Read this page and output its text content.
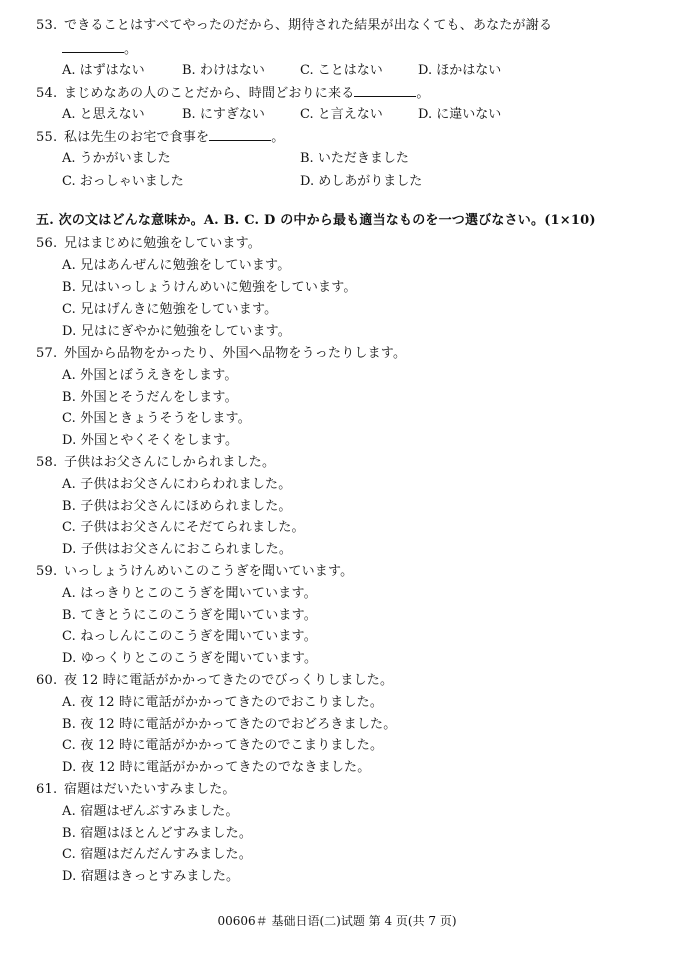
53. できることはすべてやったのだから、期待された結果が出なくても、あなたが謝る
。
A. はずはない	B. わけはない	C. ことはない	D. ほかはない
54. まじめなあの人のことだから、時間どおりに来る	。
A. と思えない	B. にすぎない	C. と言えない	D. に違いない
55. 私は先生のお宅で食事を	。
A. うかがいました	B. いただきました
C. おっしゃいました	D. めしあがりました
五. 次の文はどんな意味か。A. B. C. D の中から最も適当なものを一つ選びなさい。(1×10)
56. 兄はまじめに勉強をしています。
A. 兄はあんぜんに勉強をしています。
B. 兄はいっしょうけんめいに勉強をしています。
C. 兄はげんきに勉強をしています。
D. 兄はにぎやかに勉強をしています。
57. 外国から品物をかったり、外国へ品物をうったりします。
A. 外国とぼうえきをします。
B. 外国とそうだんをします。
C. 外国ときょうそうをします。
D. 外国とやくそくをします。
58. 子供はお父さんにしかられました。
A. 子供はお父さんにわらわれました。
B. 子供はお父さんにほめられました。
C. 子供はお父さんにそだてられました。
D. 子供はお父さんにおこられました。
59. いっしょうけんめいこのこうぎを聞いています。
A. はっきりとこのこうぎを聞いています。
B. てきとうにこのこうぎを聞いています。
C. ねっしんにこのこうぎを聞いています。
D. ゆっくりとこのこうぎを聞いています。
60. 夜 12 時に電話がかかってきたのでびっくりしました。
A. 夜 12 時に電話がかかってきたのでおこりました。
B. 夜 12 時に電話がかかってきたのでおどろきました。
C. 夜 12 時に電話がかかってきたのでこまりました。
D. 夜 12 時に電話がかかってきたのでなきました。
61. 宿題はだいたいすみました。
A. 宿題はぜんぶすみました。
B. 宿題はほとんどすみました。
C. 宿題はだんだんすみました。
D. 宿題はきっとすみました。
00606＃ 基础日语(二)试题 第 4 页(共 7 页)
